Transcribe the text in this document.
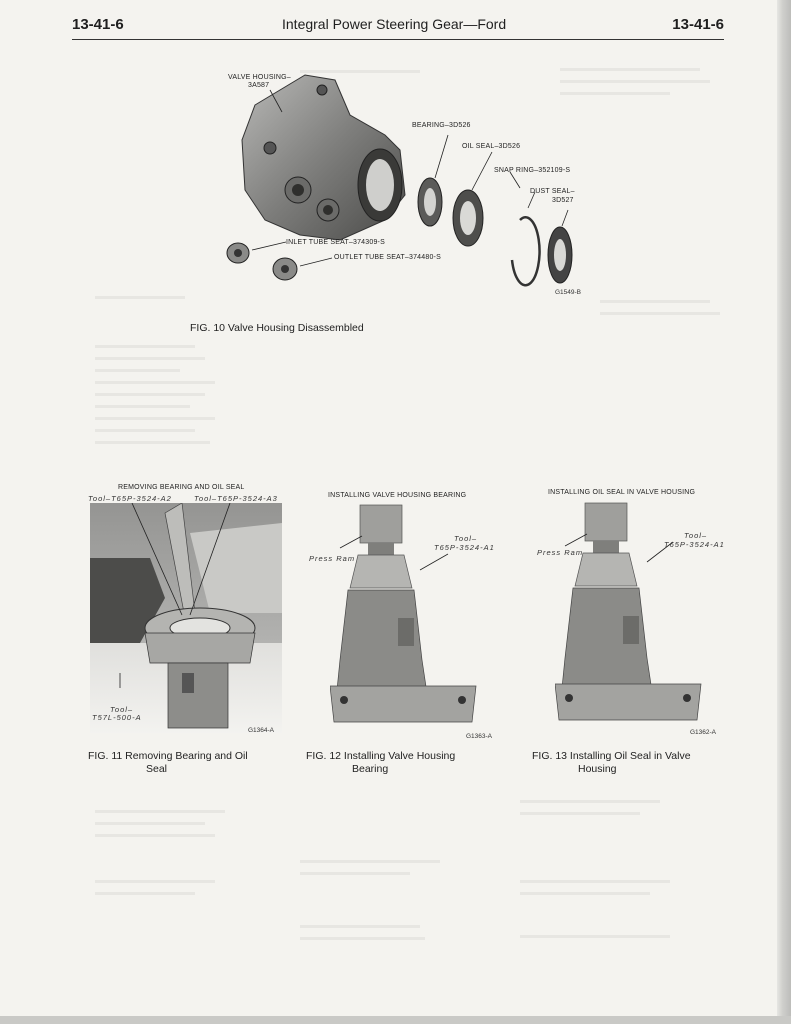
13-41-6	Integral Power Steering Gear—Ford	13-41-6
VALVE HOUSING–
3A587
BEARING–3D526
OIL SEAL–3D526
SNAP RING–352109-S
DUST SEAL–
3D527
INLET TUBE SEAT–374309-S
OUTLET TUBE SEAT–374480-S
G1549-B
FIG. 10 Valve Housing Disassembled
REMOVING BEARING AND OIL SEAL
Tool–T65P-3524-A2	Tool–T65P-3524-A3
Tool–
T57L-500-A
G1364-A
FIG. 11 Removing Bearing and Oil
Seal
INSTALLING VALVE HOUSING BEARING
Press Ram
Tool–
T65P-3524-A1
G1363-A
FIG. 12 Installing Valve Housing
Bearing
INSTALLING OIL SEAL IN VALVE HOUSING
Press Ram
Tool–
T65P-3524-A1
G1362-A
FIG. 13 Installing Oil Seal in Valve
Housing
